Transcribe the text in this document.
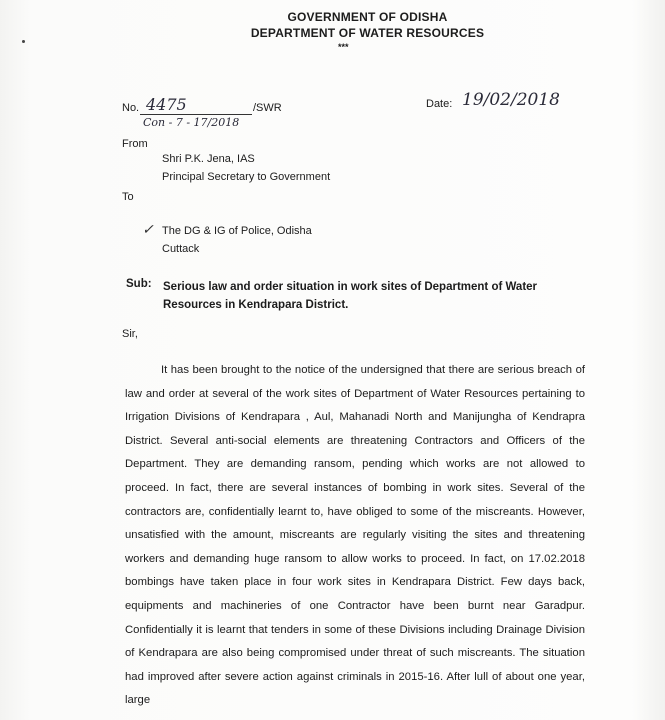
GOVERNMENT OF ODISHA
DEPARTMENT OF WATER RESOURCES
***
No. 4475
Con - 7 - 17/2018
/SWR	Date: 19/02/2018
From
Shri P.K. Jena, IAS
Principal Secretary to Government
To
✓ The DG & IG of Police, Odisha
Cuttack
Sub: Serious law and order situation in work sites of Department of Water Resources in Kendrapara District.
Sir,
It has been brought to the notice of the undersigned that there are serious breach of law and order at several of the work sites of Department of Water Resources pertaining to Irrigation Divisions of Kendrapara , Aul, Mahanadi North and Manijungha of Kendrapra District. Several anti-social elements are threatening Contractors and Officers of the Department. They are demanding ransom, pending which works are not allowed to proceed. In fact, there are several instances of bombing in work sites. Several of the contractors are, confidentially learnt to, have obliged to some of the miscreants. However, unsatisfied with the amount, miscreants are regularly visiting the sites and threatening workers and demanding huge ransom to allow works to proceed. In fact, on 17.02.2018 bombings have taken place in four work sites in Kendrapara District. Few days back, equipments and machineries of one Contractor have been burnt near Garadpur. Confidentially it is learnt that tenders in some of these Divisions including Drainage Division of Kendrapara are also being compromised under threat of such miscreants. The situation had improved after severe action against criminals in 2015-16. After lull of about one year, large
